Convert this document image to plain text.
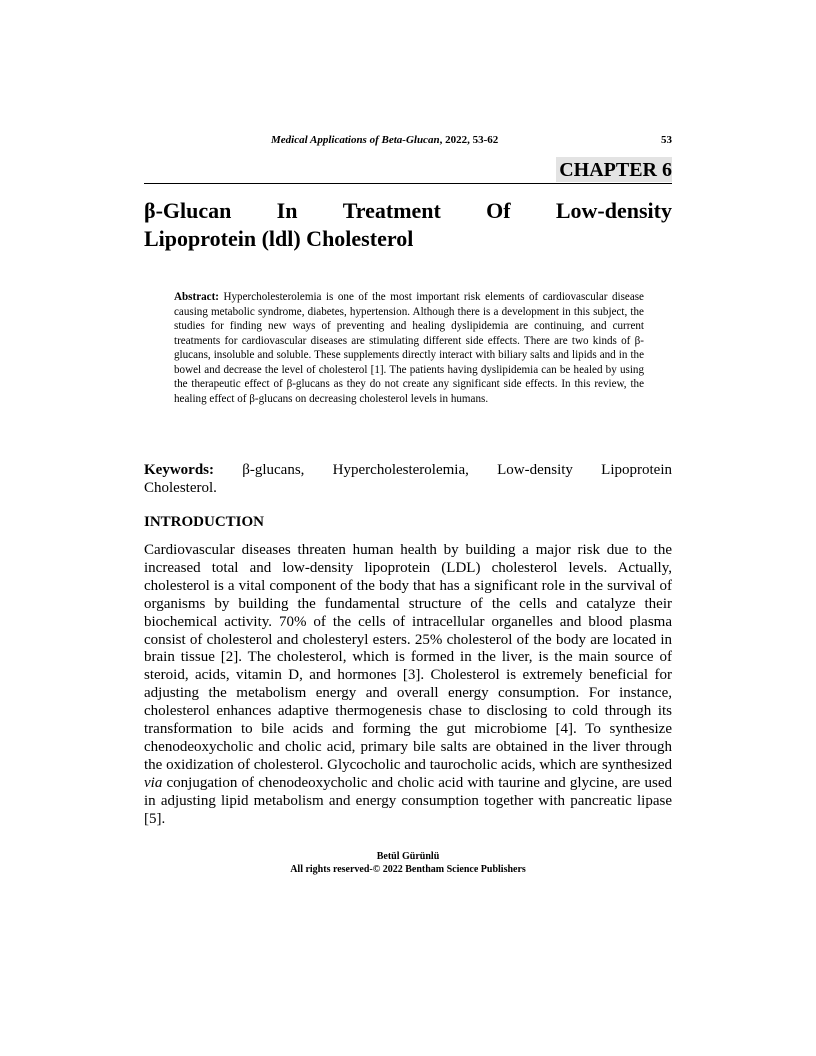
Medical Applications of Beta-Glucan, 2022, 53-62	53
CHAPTER 6
β-Glucan In Treatment Of Low-density
Lipoprotein (ldl) Cholesterol

Abstract: Hypercholesterolemia is one of the most important risk elements of cardiovascular disease causing metabolic syndrome, diabetes, hypertension. Although there is a development in this subject, the studies for finding new ways of preventing and healing dyslipidemia are continuing, and current treatments for cardiovascular diseases are stimulating different side effects. There are two kinds of β-glucans, insoluble and soluble. These supplements directly interact with biliary salts and lipids and in the bowel and decrease the level of cholesterol [1]. The patients having dyslipidemia can be healed by using the therapeutic effect of β-glucans as they do not create any significant side effects. In this review, the healing effect of β-glucans on decreasing cholesterol levels in humans.

Keywords: β-glucans, Hypercholesterolemia, Low-density Lipoprotein
Cholesterol.
INTRODUCTION

Cardiovascular diseases threaten human health by building a major risk due to the increased total and low-density lipoprotein (LDL) cholesterol levels. Actually, cholesterol is a vital component of the body that has a significant role in the survival of organisms by building the fundamental structure of the cells and catalyze their biochemical activity. 70% of the cells of intracellular organelles and blood plasma consist of cholesterol and cholesteryl esters. 25% cholesterol of the body are located in brain tissue [2]. The cholesterol, which is formed in the liver, is the main source of steroid, acids, vitamin D, and hormones [3]. Cholesterol is extremely beneficial for adjusting the metabolism energy and overall energy consumption. For instance, cholesterol enhances adaptive thermogenesis chase to disclosing to cold through its transformation to bile acids and forming the gut microbiome [4]. To synthesize chenodeoxycholic and cholic acid, primary bile salts are obtained in the liver through the oxidization of cholesterol. Glycocholic and taurocholic acids, which are synthesized via conjugation of chenodeoxycholic and cholic acid with taurine and glycine, are used in adjusting lipid metabolism and energy consumption together with pancreatic lipase [5].

Betül Gürünlü
All rights reserved-© 2022 Bentham Science Publishers
